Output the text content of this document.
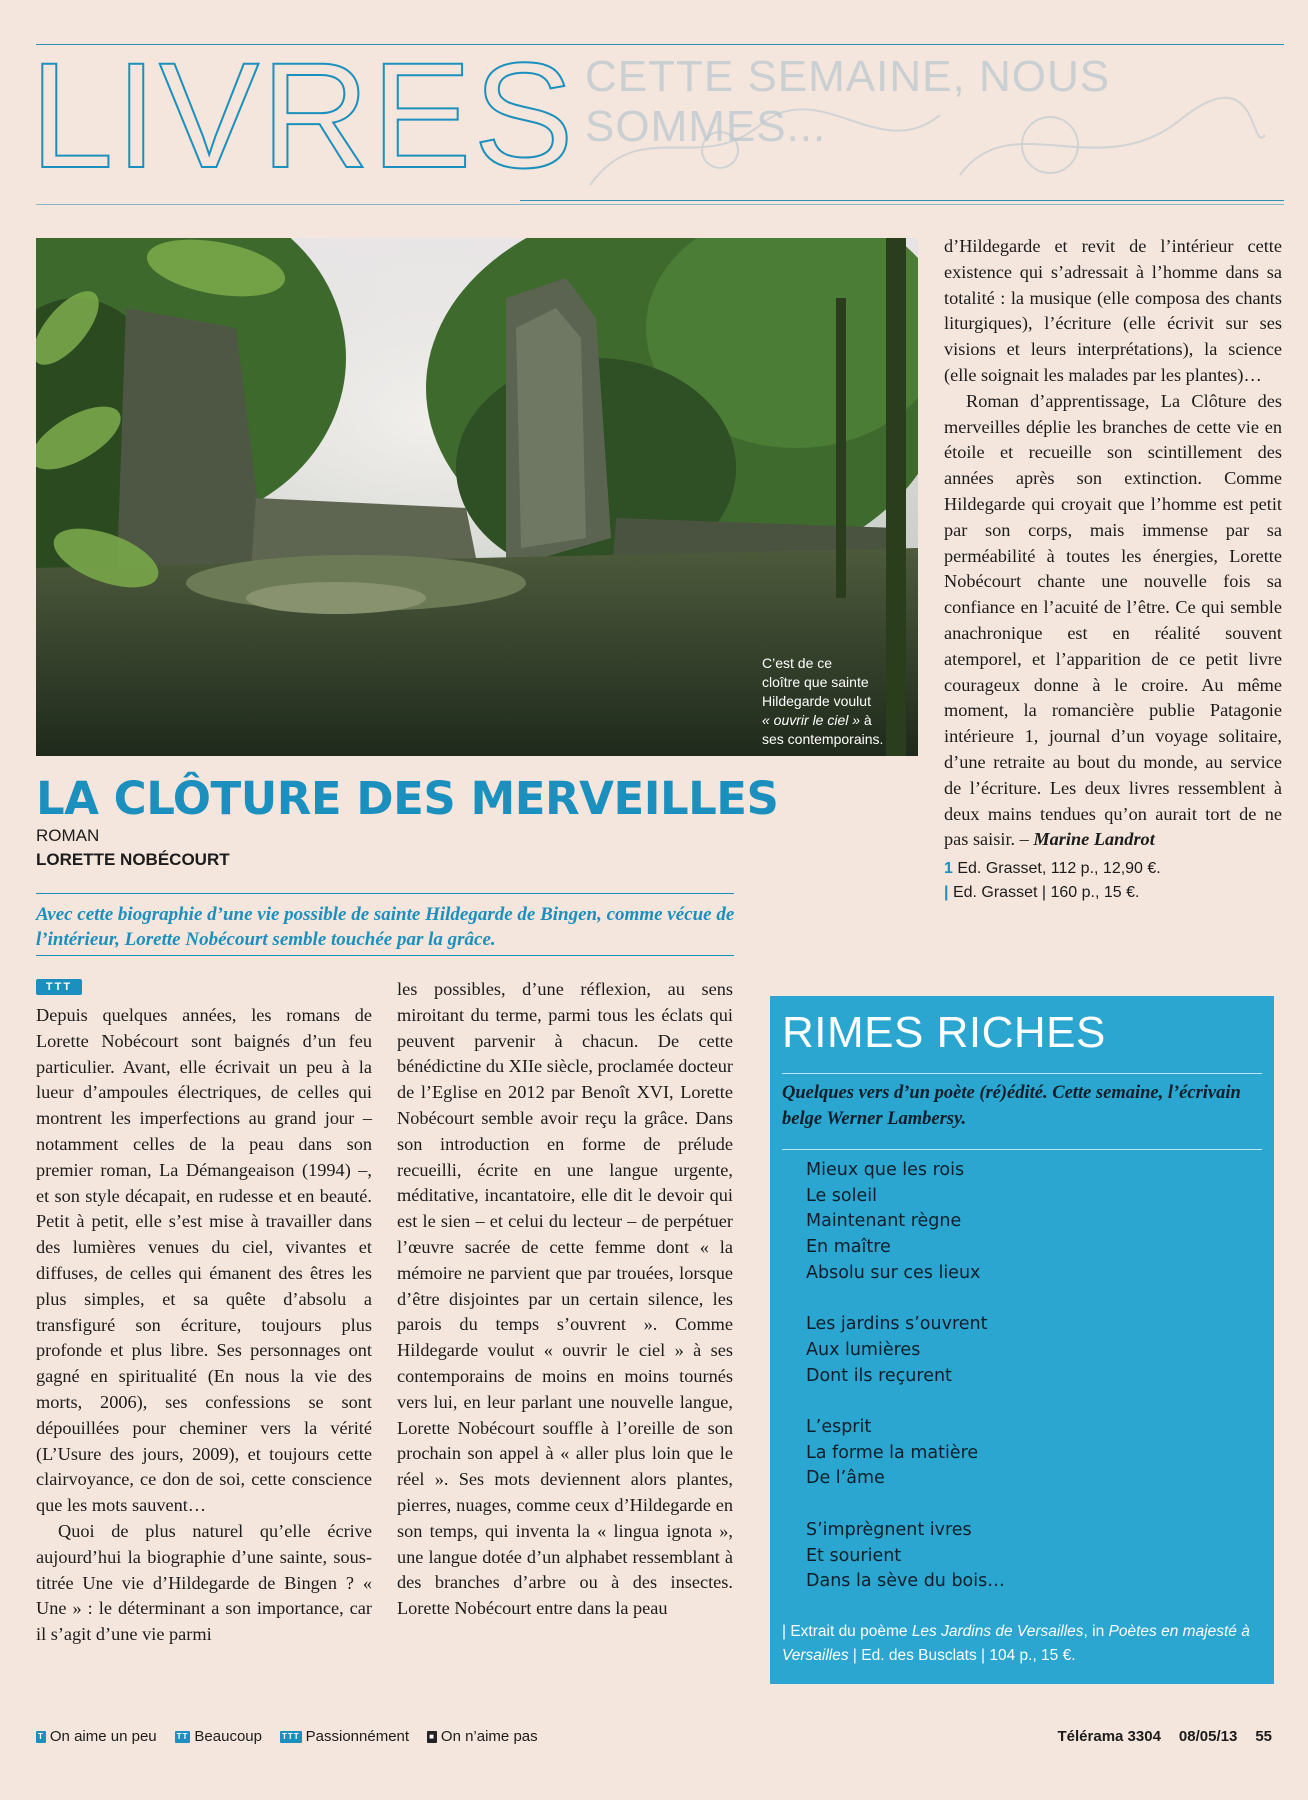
LIVRES CETTE SEMAINE, NOUS SOMMES...
C’est de ce
cloître que sainte
Hildegarde voulut
« ouvrir le ciel » à
ses contemporains.
LA CLÔTURE DES MERVEILLES
ROMAN
LORETTE NOBÉCOURT
Avec cette biographie d’une vie possible de sainte Hildegarde de Bingen, comme vécue de l’intérieur, Lorette Nobécourt semble touchée par la grâce.
TTT

Depuis quelques années, les romans de Lorette Nobécourt sont baignés d’un feu particulier. Avant, elle écrivait un peu à la lueur d’ampoules électriques, de celles qui montrent les imperfections au grand jour – notamment celles de la peau dans son premier roman, La Démangeaison (1994) –, et son style décapait, en rudesse et en beauté. Petit à petit, elle s’est mise à travailler dans des lumières venues du ciel, vivantes et diffuses, de celles qui émanent des êtres les plus simples, et sa quête d’absolu a transfiguré son écriture, toujours plus profonde et plus libre. Ses personnages ont gagné en spiritualité (En nous la vie des morts, 2006), ses confessions se sont dépouillées pour cheminer vers la vérité (L’Usure des jours, 2009), et toujours cette clairvoyance, ce don de soi, cette conscience que les mots sauvent…

Quoi de plus naturel qu’elle écrive aujourd’hui la biographie d’une sainte, sous-titrée Une vie d’Hildegarde de Bingen ? « Une » : le déterminant a son importance, car il s’agit d’une vie parmi

les possibles, d’une réflexion, au sens miroitant du terme, parmi tous les éclats qui peuvent parvenir à chacun. De cette bénédictine du XIIe siècle, proclamée docteur de l’Eglise en 2012 par Benoît XVI, Lorette Nobécourt semble avoir reçu la grâce. Dans son introduction en forme de prélude recueilli, écrite en une langue urgente, méditative, incantatoire, elle dit le devoir qui est le sien – et celui du lecteur – de perpétuer l’œuvre sacrée de cette femme dont « la mémoire ne parvient que par trouées, lorsque d’être disjointes par un certain silence, les parois du temps s’ouvrent ». Comme Hildegarde voulut « ouvrir le ciel » à ses contemporains de moins en moins tournés vers lui, en leur parlant une nouvelle langue, Lorette Nobécourt souffle à l’oreille de son prochain son appel à « aller plus loin que le réel ». Ses mots deviennent alors plantes, pierres, nuages, comme ceux d’Hildegarde en son temps, qui inventa la « lingua ignota », une langue dotée d’un alphabet ressemblant à des branches d’arbre ou à des insectes. Lorette Nobécourt entre dans la peau

d’Hildegarde et revit de l’intérieur cette existence qui s’adressait à l’homme dans sa totalité : la musique (elle composa des chants liturgiques), l’écriture (elle écrivit sur ses visions et leurs interprétations), la science (elle soignait les malades par les plantes)…

Roman d’apprentissage, La Clôture des merveilles déplie les branches de cette vie en étoile et recueille son scintillement des années après son extinction. Comme Hildegarde qui croyait que l’homme est petit par son corps, mais immense par sa perméabilité à toutes les énergies, Lorette Nobécourt chante une nouvelle fois sa confiance en l’acuité de l’être. Ce qui semble anachronique est en réalité souvent atemporel, et l’apparition de ce petit livre courageux donne à le croire. Au même moment, la romancière publie Patagonie intérieure 1, journal d’un voyage solitaire, d’une retraite au bout du monde, au service de l’écriture. Les deux livres ressemblent à deux mains tendues qu’on aurait tort de ne pas saisir. – Marine Landrot

1 Ed. Grasset, 112 p., 12,90 €.
| Ed. Grasset | 160 p., 15 €.
RIMES RICHES
Quelques vers d’un poète (ré)édité. Cette semaine, l’écrivain belge Werner Lambersy.
Mieux que les rois
Le soleil
Maintenant règne
En maître
Absolu sur ces lieux
Les jardins s’ouvrent
Aux lumières
Dont ils reçurent
L’esprit
La forme la matière
De l’âme
S’imprègnent ivres
Et sourient
Dans la sève du bois…
| Extrait du poème Les Jardins de Versailles, in Poètes en majesté à Versailles | Ed. des Busclats | 104 p., 15 €.
T On aime un peu	TT Beaucoup	TTT Passionnément	■ On n’aime pas	Télérama 3304 08/05/13 55
